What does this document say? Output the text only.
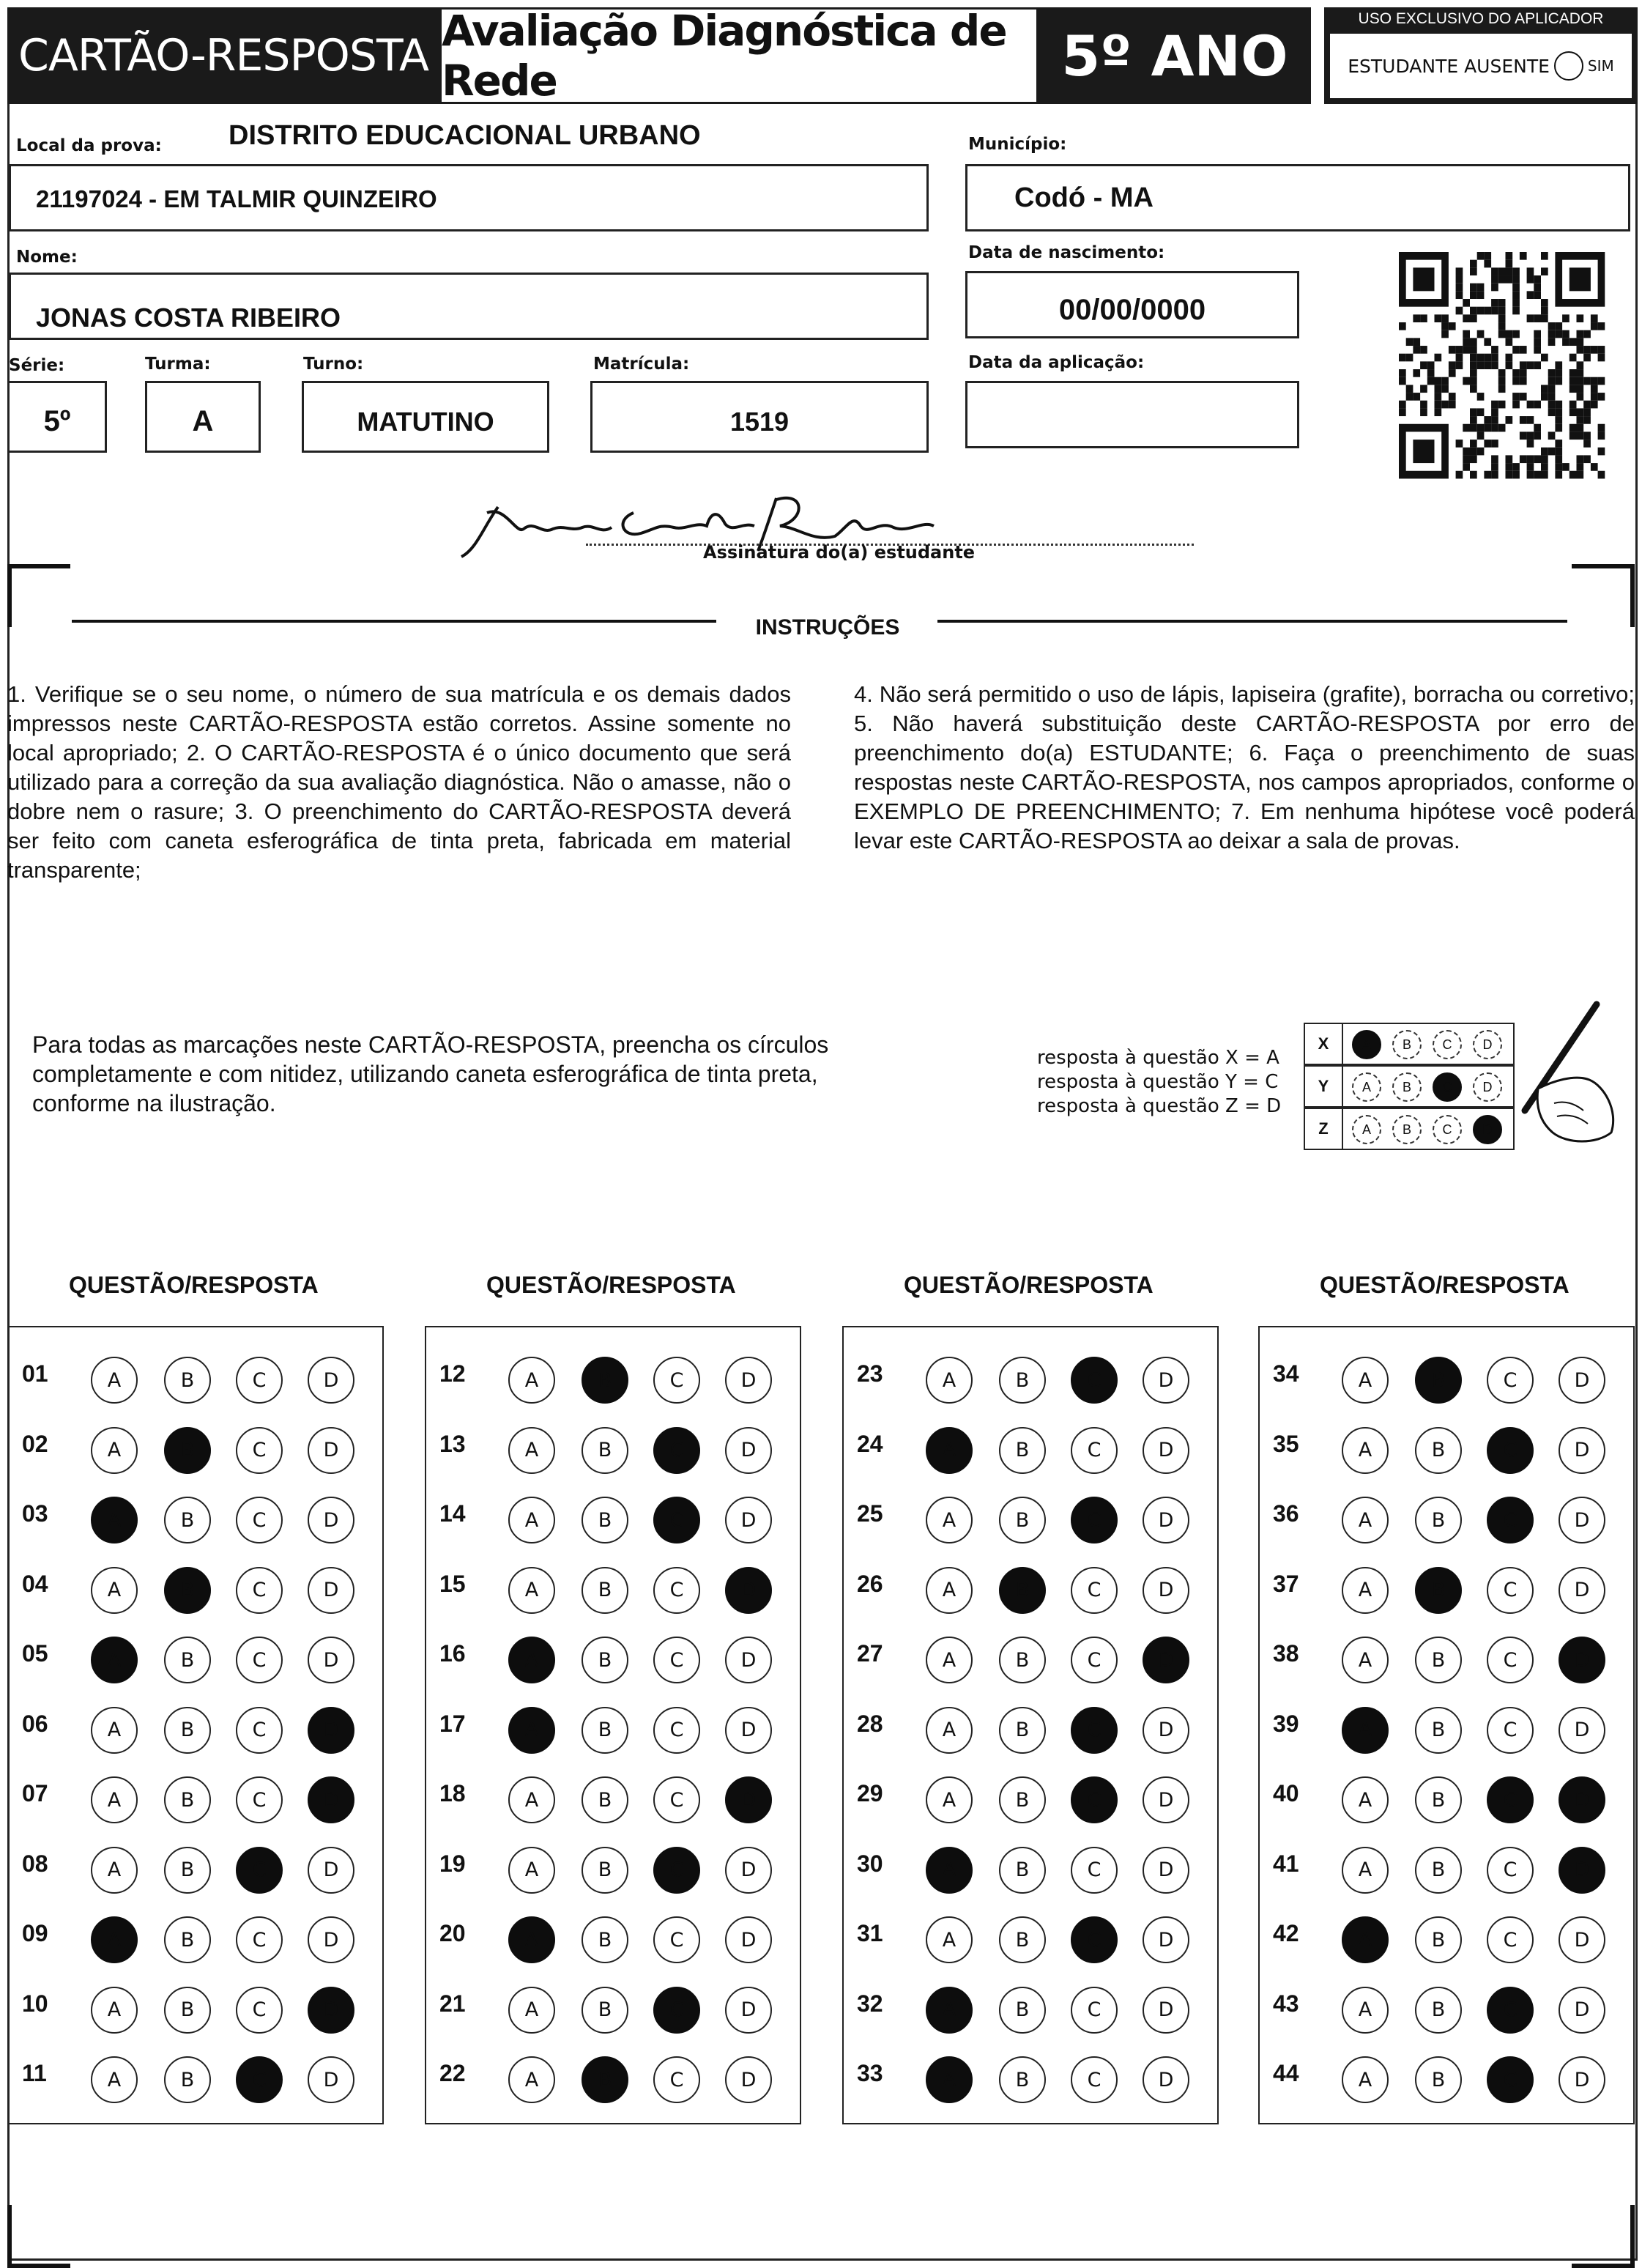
CARTÃO-RESPOSTA Avaliação Diagnóstica de Rede	5º ANO
USO EXCLUSIVO DO APLICADOR
ESTUDANTE AUSENTE	SIM
Local da prova: DISTRITO EDUCACIONAL URBANO
21197024 - EM TALMIR QUINZEIRO
Município:
Codó - MA
Nome:
JONAS COSTA RIBEIRO
Data de nascimento:
00/00/0000
Série:
5º
Turma:
A
Turno:
MATUTINO
Matrícula:
1519
Data da aplicação:
Assinatura do(a) estudante
INSTRUÇÕES
1. Verifique se o seu nome, o número de sua matrícula e os demais dados impressos neste CARTÃO-RESPOSTA estão corretos. Assine somente no local apropriado; 2. O CARTÃO-RESPOSTA é o único documento que será utilizado para a correção da sua avaliação diagnóstica. Não o amasse, não o dobre nem o rasure; 3. O preenchimento do CARTÃO-RESPOSTA deverá ser feito com caneta esferográfica de tinta preta, fabricada em material transparente;
4. Não será permitido o uso de lápis, lapiseira (grafite), borracha ou corretivo; 5. Não haverá substituição deste CARTÃO-RESPOSTA por erro de preenchimento do(a) ESTUDANTE; 6. Faça o preenchimento de suas respostas neste CARTÃO-RESPOSTA, nos campos apropriados, conforme o EXEMPLO DE PREENCHIMENTO; 7. Em nenhuma hipótese você poderá levar este CARTÃO-RESPOSTA ao deixar a sala de provas.
Para todas as marcações neste CARTÃO-RESPOSTA, preencha os círculos completamente e com nitidez, utilizando caneta esferográfica de tinta preta, conforme na ilustração.
resposta à questão X = A
resposta à questão Y = C
resposta à questão Z = D
X	A	B	C	D
Y	A	B	C	D
Z	A	B	C	D
QUESTÃO/RESPOSTA
01	A	B	C	D
02	A	B	C	D
03	A	B	C	D
04	A	B	C	D
05	A	B	C	D
06	A	B	C	D
07	A	B	C	D
08	A	B	C	D
09	A	B	C	D
10	A	B	C	D
11	A	B	C	D
QUESTÃO/RESPOSTA
12	A	B	C	D
13	A	B	C	D
14	A	B	C	D
15	A	B	C	D
16	A	B	C	D
17	A	B	C	D
18	A	B	C	D
19	A	B	C	D
20	A	B	C	D
21	A	B	C	D
22	A	B	C	D
QUESTÃO/RESPOSTA
23	A	B	C	D
24	A	B	C	D
25	A	B	C	D
26	A	B	C	D
27	A	B	C	D
28	A	B	C	D
29	A	B	C	D
30	A	B	C	D
31	A	B	C	D
32	A	B	C	D
33	A	B	C	D
QUESTÃO/RESPOSTA
34	A	B	C	D
35	A	B	C	D
36	A	B	C	D
37	A	B	C	D
38	A	B	C	D
39	A	B	C	D
40	A	B	C	D
41	A	B	C	D
42	A	B	C	D
43	A	B	C	D
44	A	B	C	D
